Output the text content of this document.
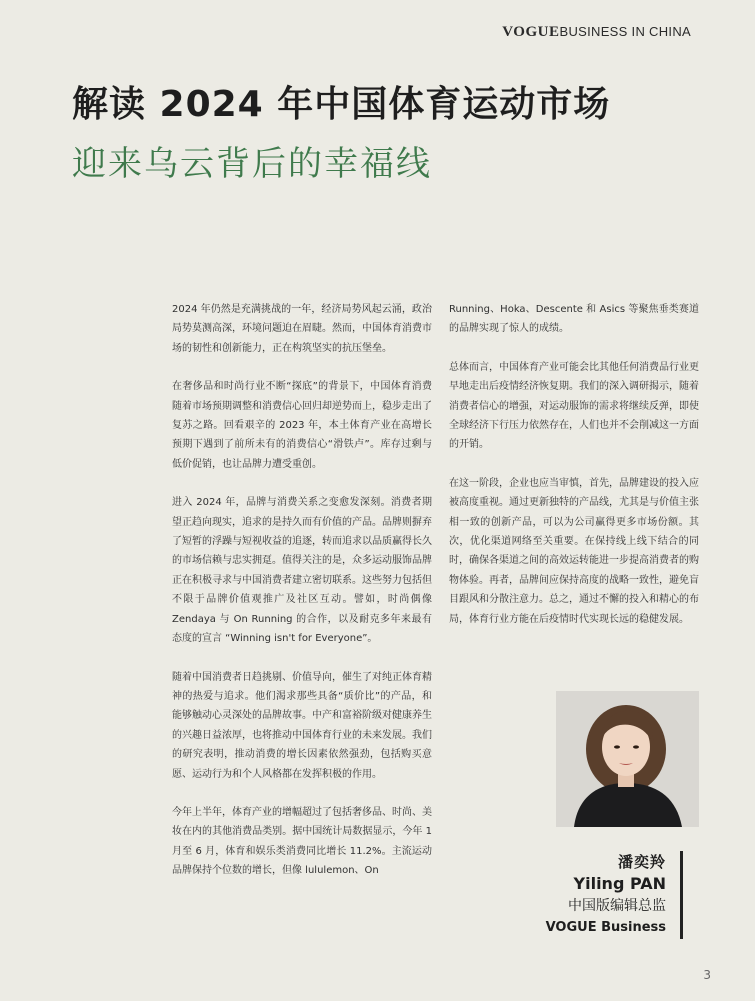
VOGUEBUSINESS IN CHINA
解读 2024 年中国体育运动市场
迎来乌云背后的幸福线

2024 年仍然是充满挑战的一年，经济局势风起云涌，政治局势莫测高深，环境问题迫在眉睫。然而，中国体育消费市场的韧性和创新能力，正在构筑坚实的抗压堡垒。

在奢侈品和时尚行业不断“探底”的背景下，中国体育消费随着市场预期调整和消费信心回归却逆势而上，稳步走出了复苏之路。回看艰辛的 2023 年，本土体育产业在高增长预期下遇到了前所未有的消费信心“滑铁卢”。库存过剩与低价促销，也让品牌力遭受重创。

进入 2024 年，品牌与消费关系之变愈发深刻。消费者期望正趋向现实，追求的是持久而有价值的产品。品牌则摒弃了短暂的浮躁与短视收益的追逐，转而追求以品质赢得长久的市场信赖与忠实拥趸。值得关注的是，众多运动服饰品牌正在积极寻求与中国消费者建立密切联系。这些努力包括但不限于品牌价值观推广及社区互动。譬如，时尚偶像 Zendaya 与 On Running 的合作，以及耐克多年来最有态度的宣言 “Winning isn't for Everyone”。

随着中国消费者日趋挑剔、价值导向，催生了对纯正体育精神的热爱与追求。他们渴求那些具备“质价比”的产品，和能够触动心灵深处的品牌故事。中产和富裕阶级对健康养生的兴趣日益浓厚，也将推动中国体育行业的未来发展。我们的研究表明，推动消费的增长因素依然强劲，包括购买意愿、运动行为和个人风格都在发挥积极的作用。

今年上半年，体育产业的增幅超过了包括奢侈品、时尚、美妆在内的其他消费品类别。据中国统计局数据显示，今年 1 月至 6 月，体育和娱乐类消费同比增长 11.2%。主流运动品牌保持个位数的增长，但像 lululemon、On

Running、Hoka、Descente 和 Asics 等聚焦垂类赛道的品牌实现了惊人的成绩。

总体而言，中国体育产业可能会比其他任何消费品行业更早地走出后疫情经济恢复期。我们的深入调研揭示，随着消费者信心的增强，对运动服饰的需求将继续反弹，即使全球经济下行压力依然存在，人们也并不会削减这一方面的开销。

在这一阶段，企业也应当审慎，首先，品牌建设的投入应被高度重视。通过更新独特的产品线，尤其是与价值主张相一致的创新产品，可以为公司赢得更多市场份额。其次，优化渠道网络至关重要。在保持线上线下结合的同时，确保各渠道之间的高效运转能进一步提高消费者的购物体验。再者，品牌间应保持高度的战略一致性，避免盲目跟风和分散注意力。总之，通过不懈的投入和精心的布局，体育行业方能在后疫情时代实现长远的稳健发展。

潘奕羚
Yiling PAN
中国版编辑总监
VOGUE Business
3
